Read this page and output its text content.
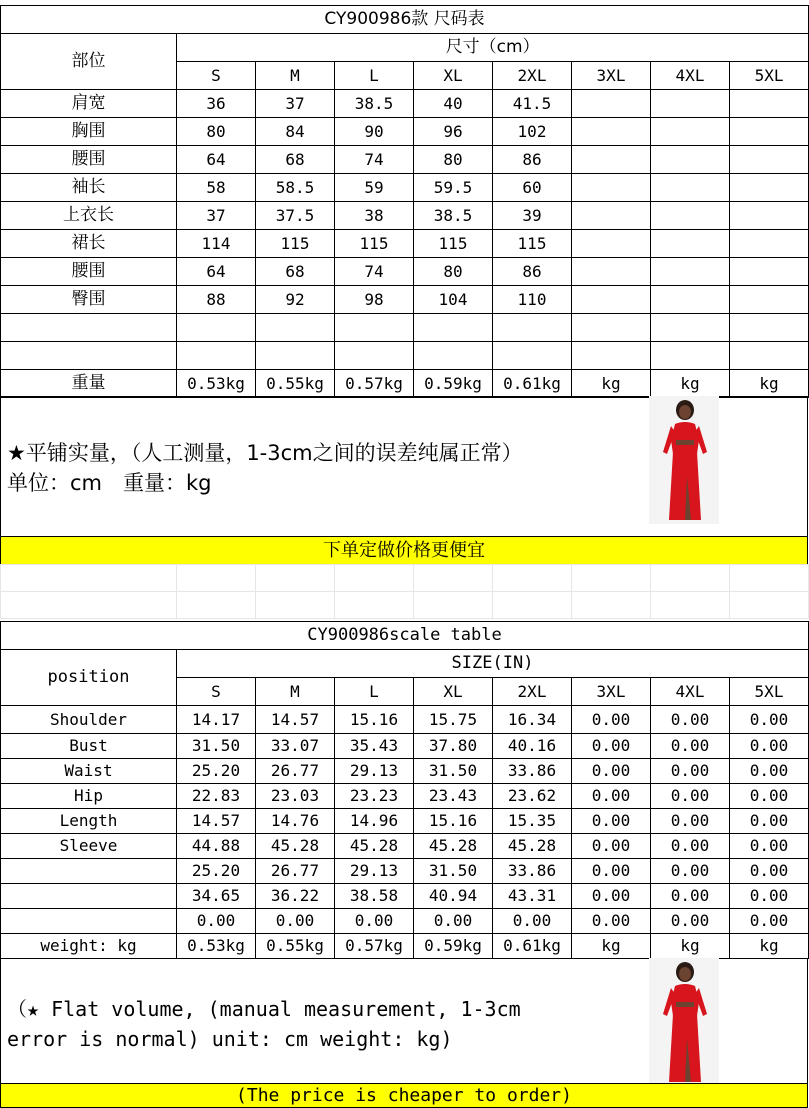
CY900986款 尺码表								
部位	尺寸（cm）							
	S	M	L	XL	2XL	3XL	4XL	5XL
肩宽	36	37	38.5	40	41.5			
胸围	80	84	90	96	102			
腰围	64	68	74	80	86			
袖长	58	58.5	59	59.5	60			
上衣长	37	37.5	38	38.5	39			
裙长	114	115	115	115	115			
腰围	64	68	74	80	86			
臀围	88	92	98	104	110			

重量	0.53kg	0.55kg	0.57kg	0.59kg	0.61kg	kg	kg	kg
★平铺实量，（人工测量，1-3cm之间的误差纯属正常）
单位：cm　重量：kg
下单定做价格更便宜

CY900986scale table								
position	SIZE(IN)							
	S	M	L	XL	2XL	3XL	4XL	5XL
Shoulder	14.17	14.57	15.16	15.75	16.34	0.00	0.00	0.00
Bust	31.50	33.07	35.43	37.80	40.16	0.00	0.00	0.00
Waist	25.20	26.77	29.13	31.50	33.86	0.00	0.00	0.00
Hip	22.83	23.03	23.23	23.43	23.62	0.00	0.00	0.00
Length	14.57	14.76	14.96	15.16	15.35	0.00	0.00	0.00
Sleeve	44.88	45.28	45.28	45.28	45.28	0.00	0.00	0.00
	25.20	26.77	29.13	31.50	33.86	0.00	0.00	0.00
	34.65	36.22	38.58	40.94	43.31	0.00	0.00	0.00
	0.00	0.00	0.00	0.00	0.00	0.00	0.00	0.00
weight: kg	0.53kg	0.55kg	0.57kg	0.59kg	0.61kg	kg	kg	kg
（★ Flat volume, (manual measurement, 1-3cm
error is normal) unit: cm weight: kg)
(The price is cheaper to order)
